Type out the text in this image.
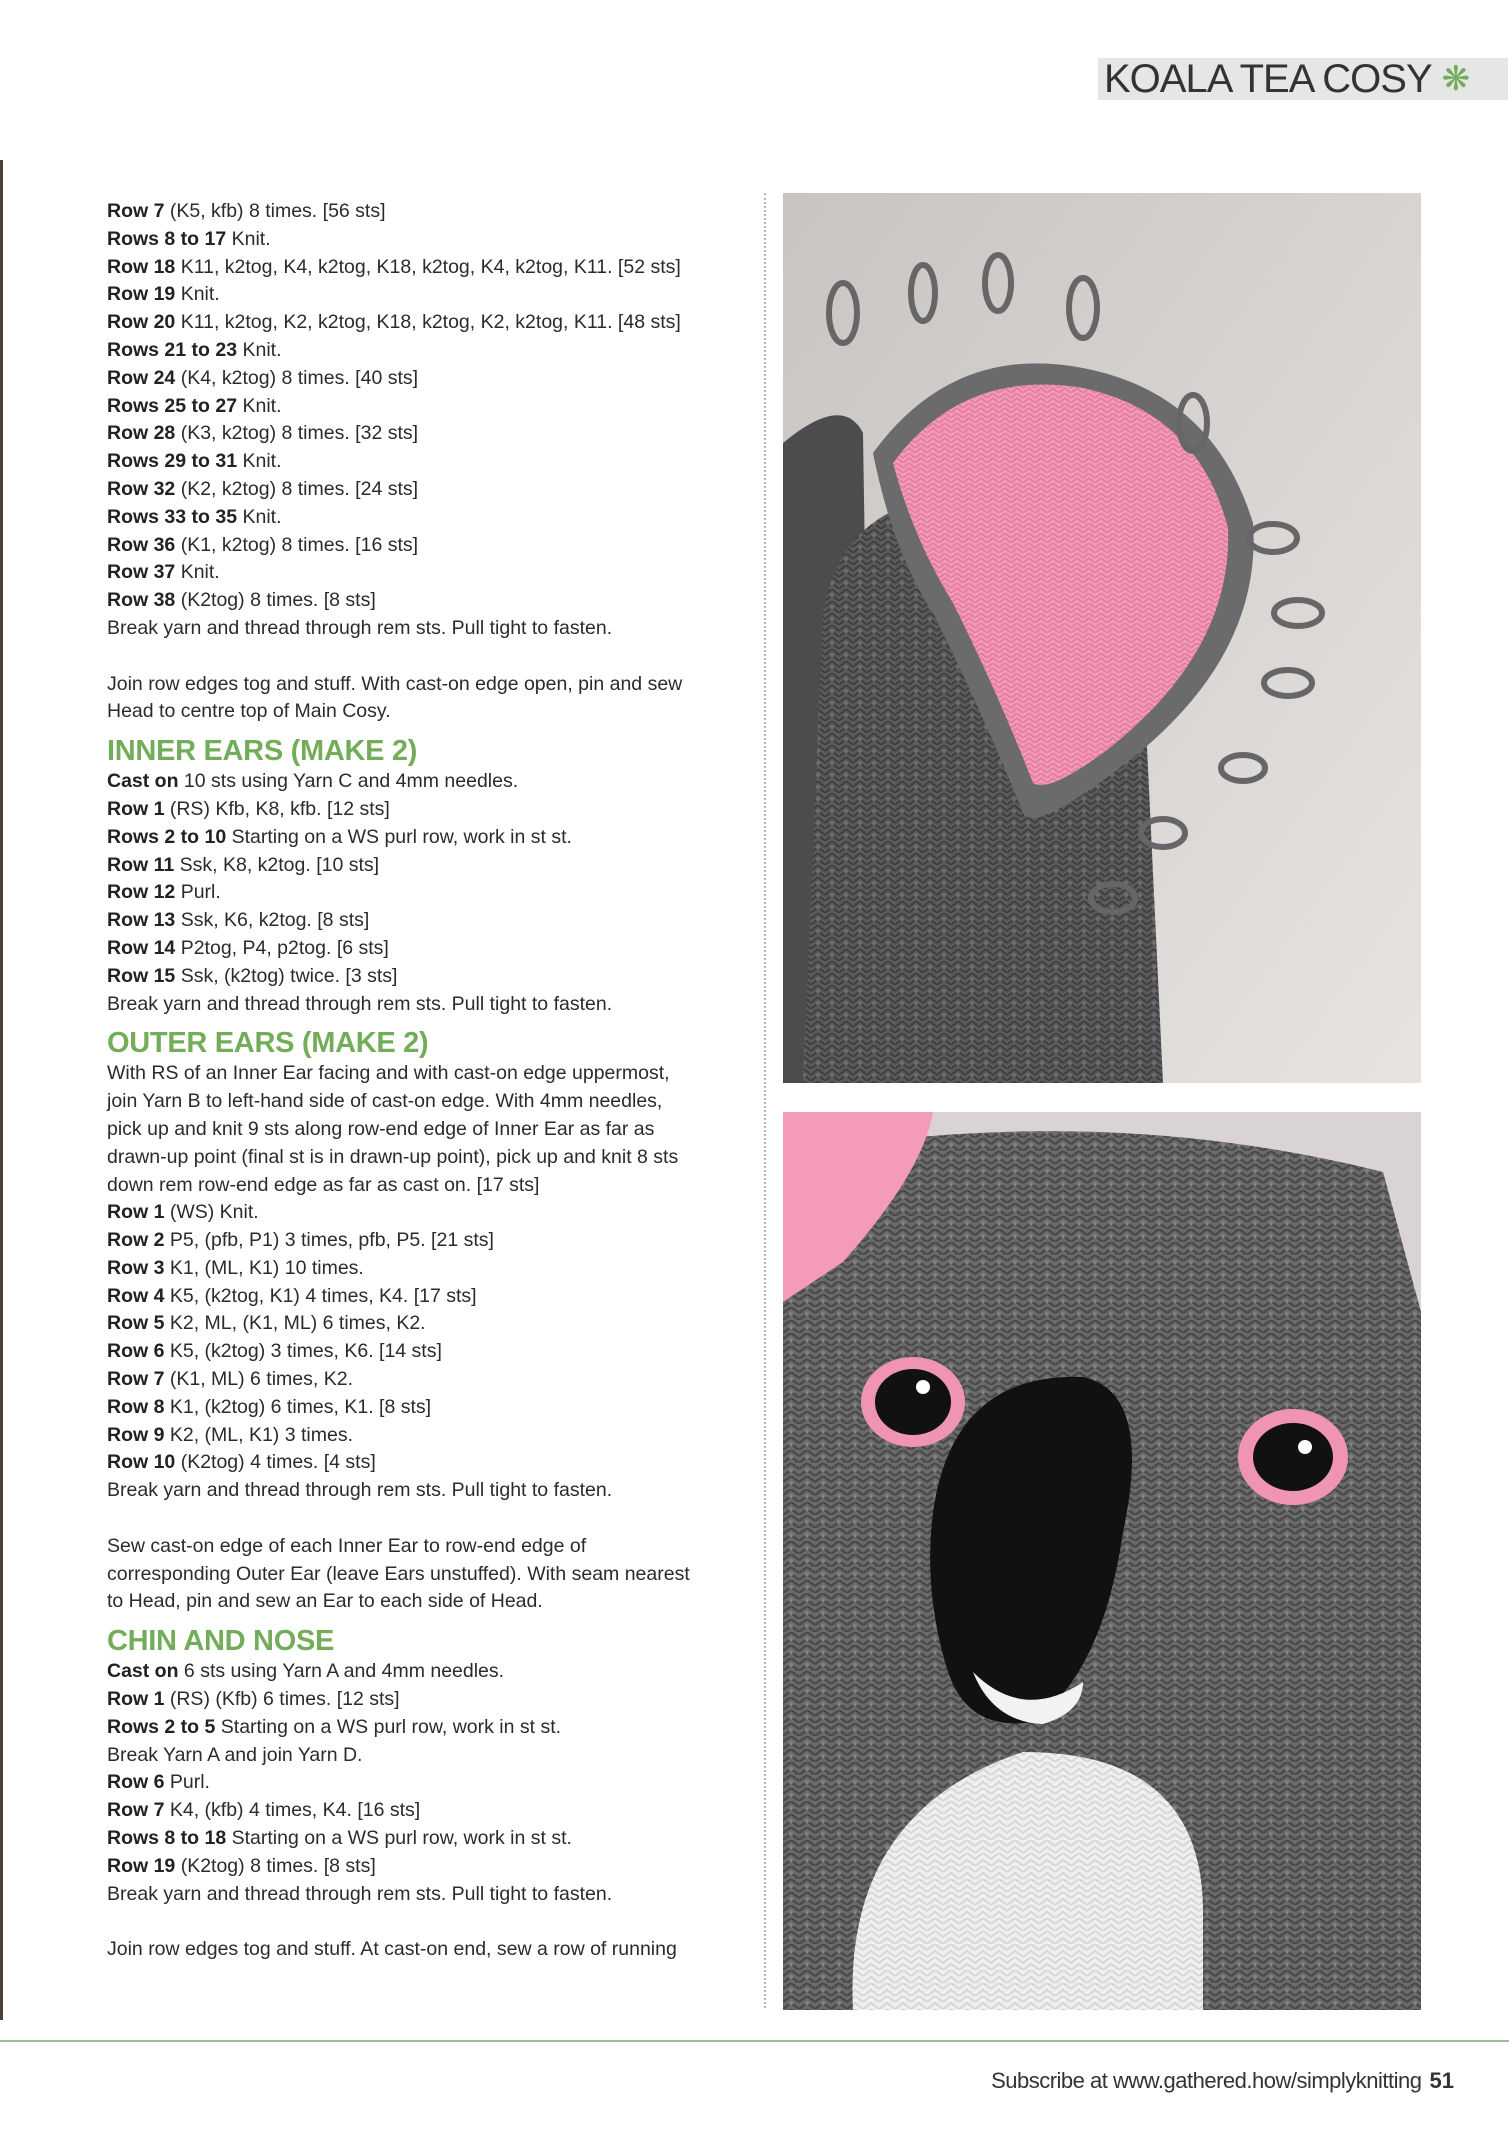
KOALA TEA COSY ❋
Row 7 (K5, kfb) 8 times. [56 sts]
Rows 8 to 17 Knit.
Row 18 K11, k2tog, K4, k2tog, K18, k2tog, K4, k2tog, K11. [52 sts]
Row 19 Knit.
Row 20 K11, k2tog, K2, k2tog, K18, k2tog, K2, k2tog, K11. [48 sts]
Rows 21 to 23 Knit.
Row 24 (K4, k2tog) 8 times. [40 sts]
Rows 25 to 27 Knit.
Row 28 (K3, k2tog) 8 times. [32 sts]
Rows 29 to 31 Knit.
Row 32 (K2, k2tog) 8 times. [24 sts]
Rows 33 to 35 Knit.
Row 36 (K1, k2tog) 8 times. [16 sts]
Row 37 Knit.
Row 38 (K2tog) 8 times. [8 sts]
Break yarn and thread through rem sts. Pull tight to fasten.
Join row edges tog and stuff. With cast-on edge open, pin and sew
Head to centre top of Main Cosy.
INNER EARS (MAKE 2)
Cast on 10 sts using Yarn C and 4mm needles.
Row 1 (RS) Kfb, K8, kfb. [12 sts]
Rows 2 to 10 Starting on a WS purl row, work in st st.
Row 11 Ssk, K8, k2tog. [10 sts]
Row 12 Purl.
Row 13 Ssk, K6, k2tog. [8 sts]
Row 14 P2tog, P4, p2tog. [6 sts]
Row 15 Ssk, (k2tog) twice. [3 sts]
Break yarn and thread through rem sts. Pull tight to fasten.
OUTER EARS (MAKE 2)
With RS of an Inner Ear facing and with cast-on edge uppermost,
join Yarn B to left-hand side of cast-on edge. With 4mm needles,
pick up and knit 9 sts along row-end edge of Inner Ear as far as
drawn-up point (final st is in drawn-up point), pick up and knit 8 sts
down rem row-end edge as far as cast on. [17 sts]
Row 1 (WS) Knit.
Row 2 P5, (pfb, P1) 3 times, pfb, P5. [21 sts]
Row 3 K1, (ML, K1) 10 times.
Row 4 K5, (k2tog, K1) 4 times, K4. [17 sts]
Row 5 K2, ML, (K1, ML) 6 times, K2.
Row 6 K5, (k2tog) 3 times, K6. [14 sts]
Row 7 (K1, ML) 6 times, K2.
Row 8 K1, (k2tog) 6 times, K1. [8 sts]
Row 9 K2, (ML, K1) 3 times.
Row 10 (K2tog) 4 times. [4 sts]
Break yarn and thread through rem sts. Pull tight to fasten.
Sew cast-on edge of each Inner Ear to row-end edge of
corresponding Outer Ear (leave Ears unstuffed). With seam nearest
to Head, pin and sew an Ear to each side of Head.
CHIN AND NOSE
Cast on 6 sts using Yarn A and 4mm needles.
Row 1 (RS) (Kfb) 6 times. [12 sts]
Rows 2 to 5 Starting on a WS purl row, work in st st.
Break Yarn A and join Yarn D.
Row 6 Purl.
Row 7 K4, (kfb) 4 times, K4. [16 sts]
Rows 8 to 18 Starting on a WS purl row, work in st st.
Row 19 (K2tog) 8 times. [8 sts]
Break yarn and thread through rem sts. Pull tight to fasten.
Join row edges tog and stuff. At cast-on end, sew a row of running
Subscribe at www.gathered.how/simplyknitting 51
